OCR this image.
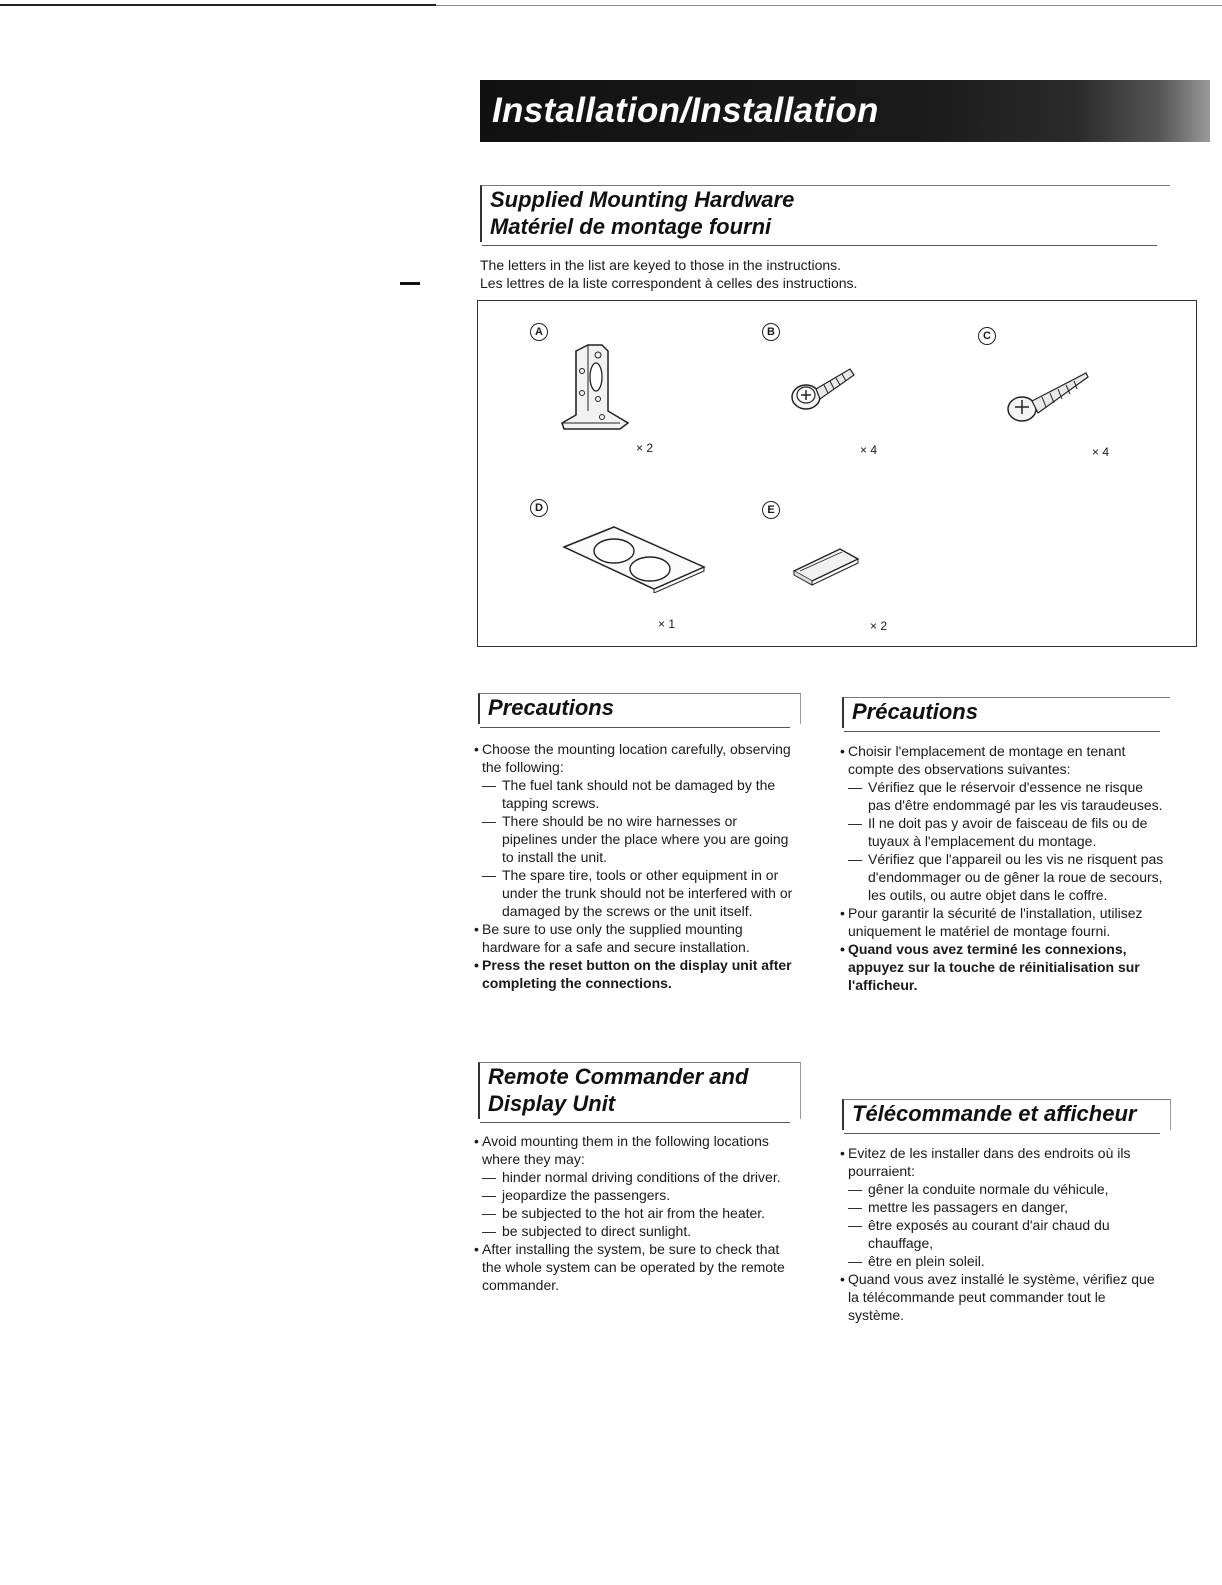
Installation/Installation
Supplied Mounting Hardware
Matériel de montage fourni
The letters in the list are keyed to those in the instructions.
Les lettres de la liste correspondent à celles des instructions.
A
× 2
B
× 4
C
× 4
D
× 1
E
× 2
Precautions

• Choose the mounting location carefully, observing the following:

— The fuel tank should not be damaged by the tapping screws.

— There should be no wire harnesses or pipelines under the place where you are going to install the unit.

— The spare tire, tools or other equipment in or under the trunk should not be interfered with or damaged by the screws or the unit itself.

• Be sure to use only the supplied mounting hardware for a safe and secure installation.

• Press the reset button on the display unit after completing the connections.

Précautions

• Choisir l'emplacement de montage en tenant compte des observations suivantes:

— Vérifiez que le réservoir d'essence ne risque pas d'être endommagé par les vis taraudeuses.

— Il ne doit pas y avoir de faisceau de fils ou de tuyaux à l'emplacement du montage.

— Vérifiez que l'appareil ou les vis ne risquent pas d'endommager ou de gêner la roue de secours, les outils, ou autre objet dans le coffre.

• Pour garantir la sécurité de l'installation, utilisez uniquement le matériel de montage fourni.

• Quand vous avez terminé les connexions, appuyez sur la touche de réinitialisation sur l'afficheur.

Remote Commander and
Display Unit

• Avoid mounting them in the following locations where they may:

— hinder normal driving conditions of the driver.

— jeopardize the passengers.

— be subjected to the hot air from the heater.

— be subjected to direct sunlight.

• After installing the system, be sure to check that the whole system can be operated by the remote commander.

Télécommande et afficheur

• Evitez de les installer dans des endroits où ils pourraient:

— gêner la conduite normale du véhicule,

— mettre les passagers en danger,

— être exposés au courant d'air chaud du chauffage,

— être en plein soleil.

• Quand vous avez installé le système, vérifiez que la télécommande peut commander tout le système.
